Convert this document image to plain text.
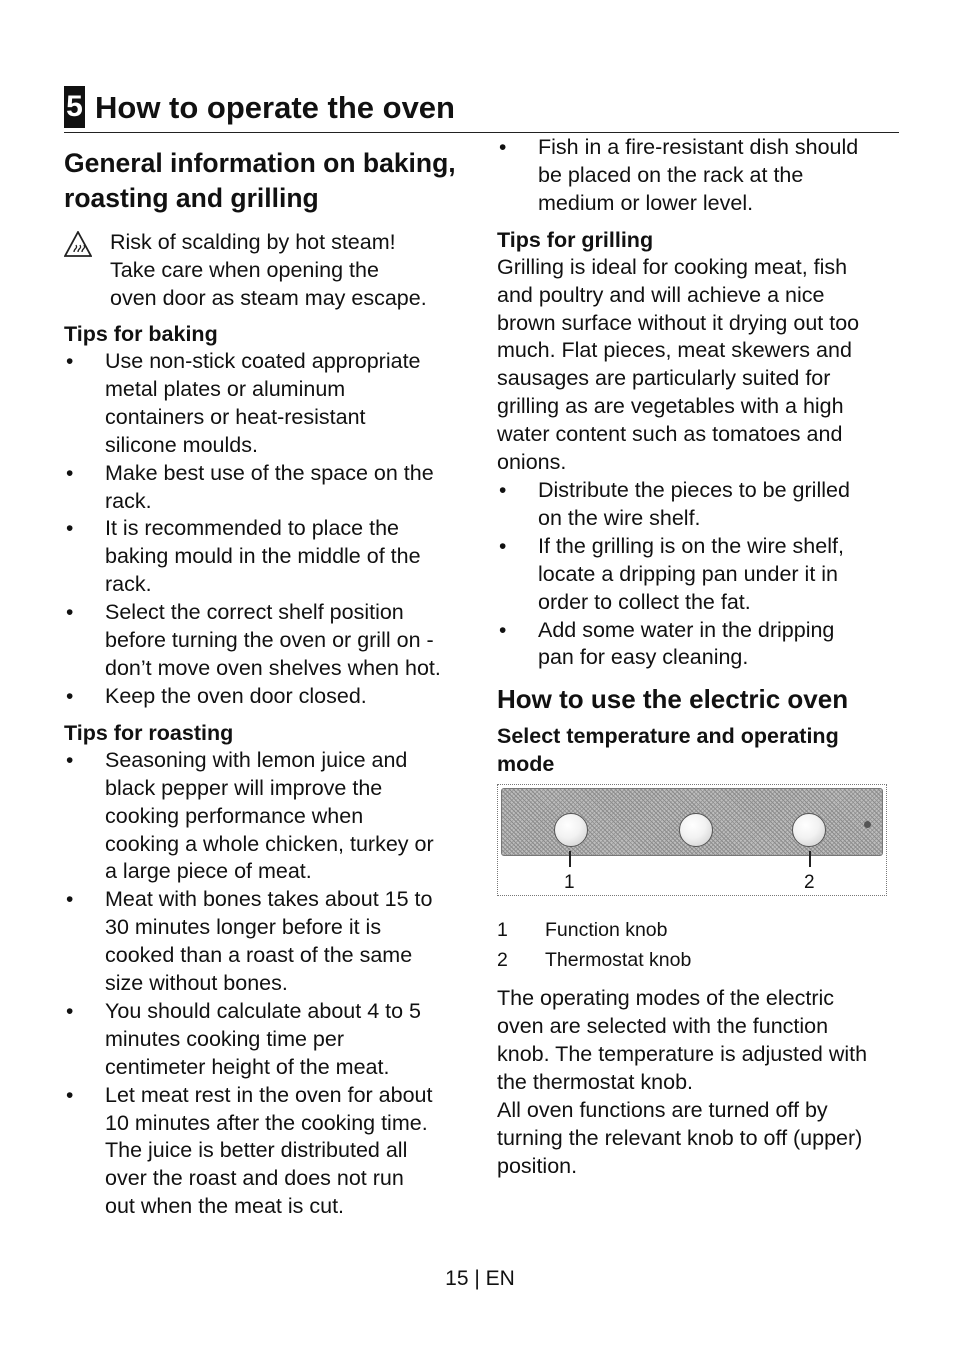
5 How to operate the oven
General information on baking,
roasting and grilling
Risk of scalding by hot steam!
Take care when opening the
oven door as steam may escape.
Tips for baking
• Use non-stick coated appropriate
metal plates or aluminum
containers or heat-resistant
silicone moulds.
• Make best use of the space on the
rack.
• It is recommended to place the
baking mould in the middle of the
rack.
• Select the correct shelf position
before turning the oven or grill on -
don’t move oven shelves when hot.
• Keep the oven door closed.
Tips for roasting
• Seasoning with lemon juice and
black pepper will improve the
cooking performance when
cooking a whole chicken, turkey or
a large piece of meat.
• Meat with bones takes about 15 to
30 minutes longer before it is
cooked than a roast of the same
size without bones.
• You should calculate about 4 to 5
minutes cooking time per
centimeter height of the meat.
• Let meat rest in the oven for about
10 minutes after the cooking time.
The juice is better distributed all
over the roast and does not run
out when the meat is cut.
• Fish in a fire-resistant dish should
be placed on the rack at the
medium or lower level.
Tips for grilling

Grilling is ideal for cooking meat, fish
and poultry and will achieve a nice
brown surface without it drying out too
much. Flat pieces, meat skewers and
sausages are particularly suited for
grilling as are vegetables with a high
water content such as tomatoes and
onions.

• Distribute the pieces to be grilled
on the wire shelf.
• If the grilling is on the wire shelf,
locate a dripping pan under it in
order to collect the fat.
• Add some water in the dripping
pan for easy cleaning.
How to use the electric oven
Select temperature and operating
mode
1	2
1 Function knob
2 Thermostat knob

The operating modes of the electric
oven are selected with the function
knob. The temperature is adjusted with
the thermostat knob.
All oven functions are turned off by
turning the relevant knob to off (upper)
position.

15 | EN
